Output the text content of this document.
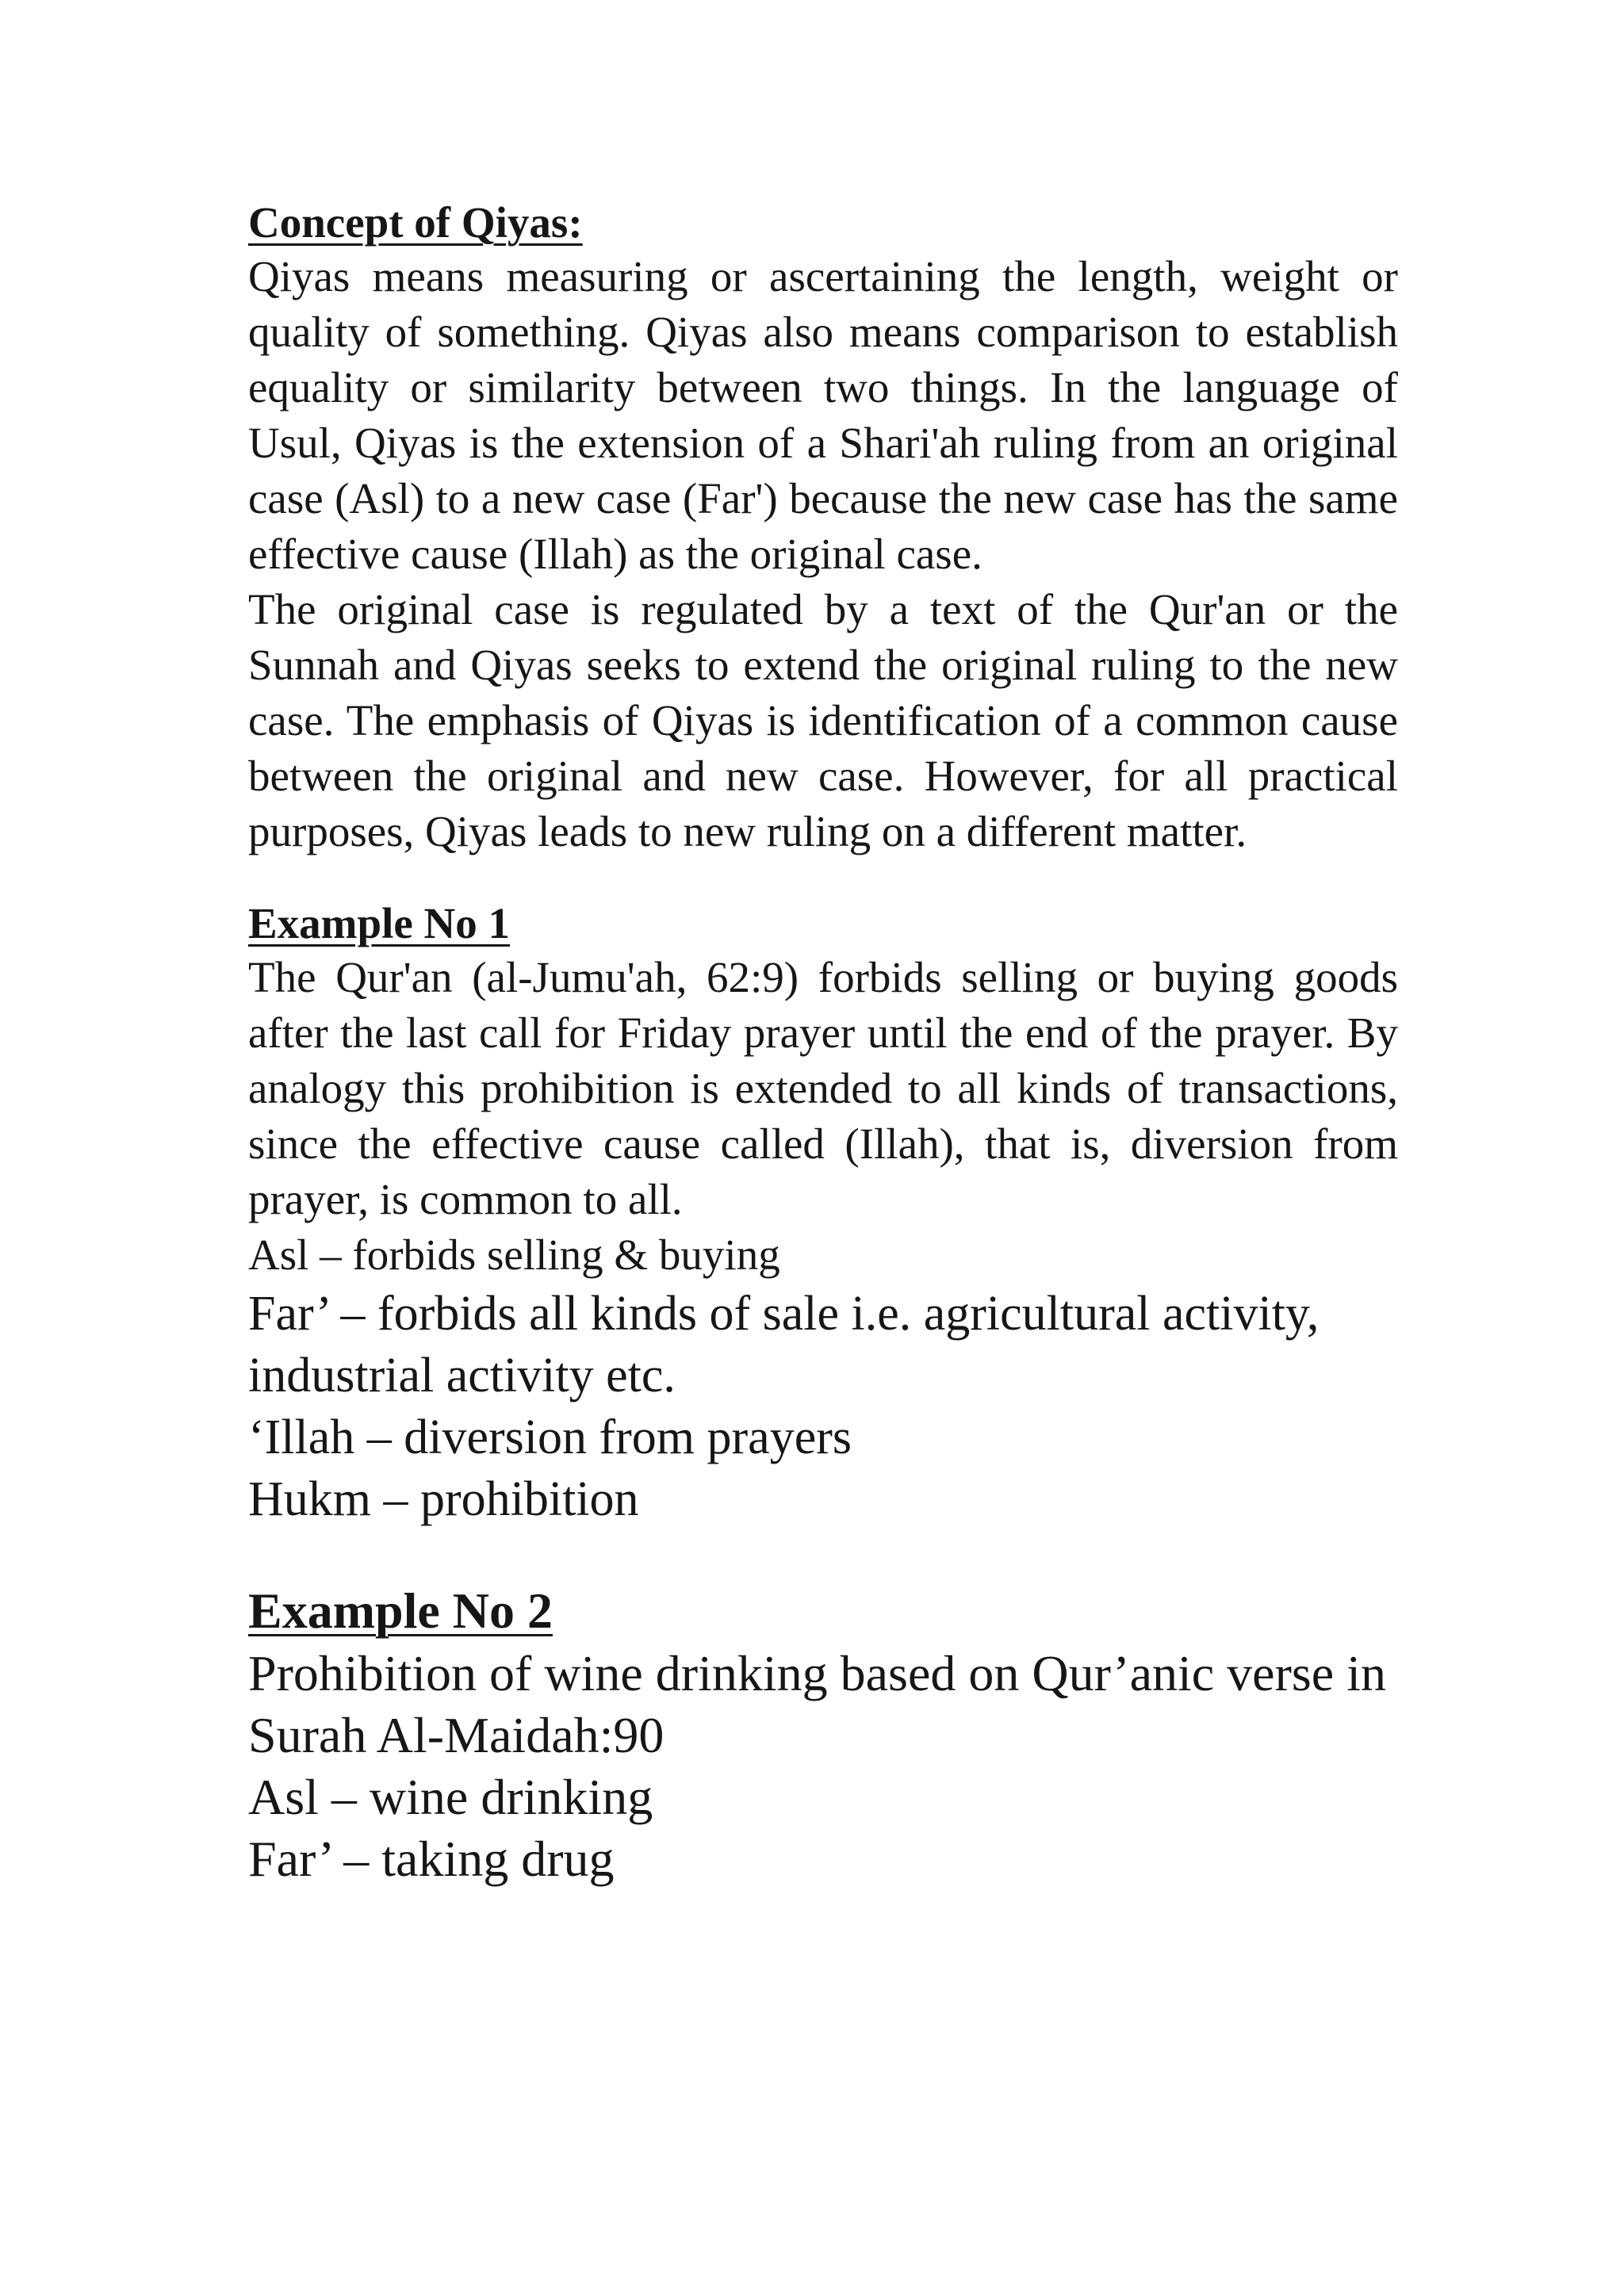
Concept of Qiyas:

Qiyas means measuring or ascertaining the length, weight or quality of something. Qiyas also means comparison to establish equality or similarity between two things. In the language of Usul, Qiyas is the extension of a Shari'ah ruling from an original case (Asl) to a new case (Far') because the new case has the same effective cause (Illah) as the original case.

The original case is regulated by a text of the Qur'an or the Sunnah and Qiyas seeks to extend the original ruling to the new case. The emphasis of Qiyas is identification of a common cause between the original and new case. However, for all practical purposes, Qiyas leads to new ruling on a different matter.

Example No 1

The Qur'an (al-Jumu'ah, 62:9) forbids selling or buying goods after the last call for Friday prayer until the end of the prayer. By analogy this prohibition is extended to all kinds of transactions, since the effective cause called (Illah), that is, diversion from prayer, is common to all.

Asl – forbids selling & buying

Far’ – forbids all kinds of sale i.e. agricultural activity, industrial activity etc.

‘Illah – diversion from prayers

Hukm – prohibition

Example No 2

Prohibition of wine drinking based on Qur’anic verse in Surah Al-Maidah:90

Asl – wine drinking

Far’ – taking drug
